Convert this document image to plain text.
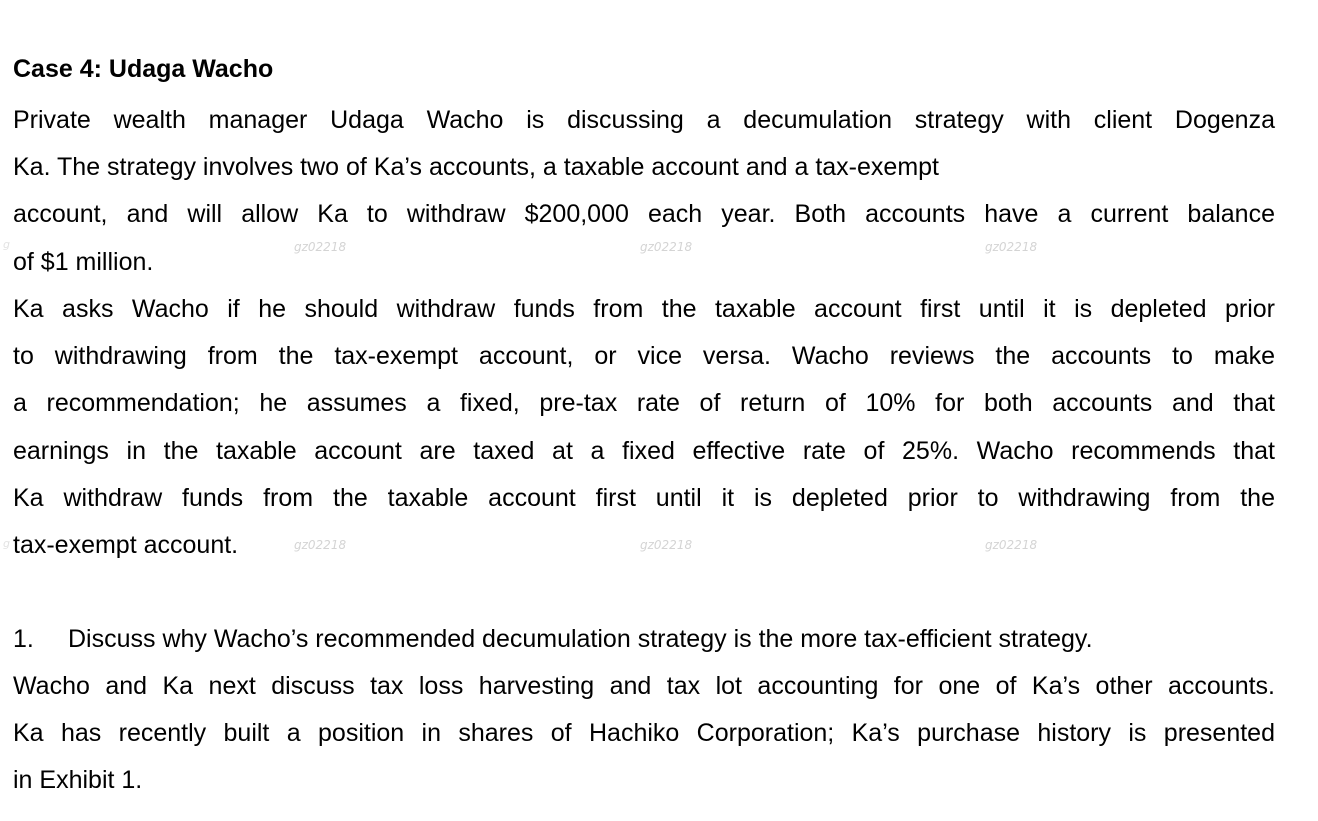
Case 4: Udaga Wacho
Private wealth manager Udaga Wacho is discussing a decumulation strategy with client Dogenza
Ka. The strategy involves two of Ka’s accounts, a taxable account and a tax-exempt
account, and will allow Ka to withdraw $200,000 each year. Both accounts have a current balance
of $1 million.
Ka asks Wacho if he should withdraw funds from the taxable account first until it is depleted prior
to withdrawing from the tax-exempt account, or vice versa. Wacho reviews the accounts to make
a recommendation; he assumes a fixed, pre-tax rate of return of 10% for both accounts and that
earnings in the taxable account are taxed at a fixed effective rate of 25%. Wacho recommends that
Ka withdraw funds from the taxable account first until it is depleted prior to withdrawing from the
tax-exempt account.
1. Discuss why Wacho’s recommended decumulation strategy is the more tax-efficient strategy.
Wacho and Ka next discuss tax loss harvesting and tax lot accounting for one of Ka’s other accounts.
Ka has recently built a position in shares of Hachiko Corporation; Ka’s purchase history is presented
in Exhibit 1.
g	gz02218	gz02218	gz02218
g	gz02218	gz02218	gz02218
